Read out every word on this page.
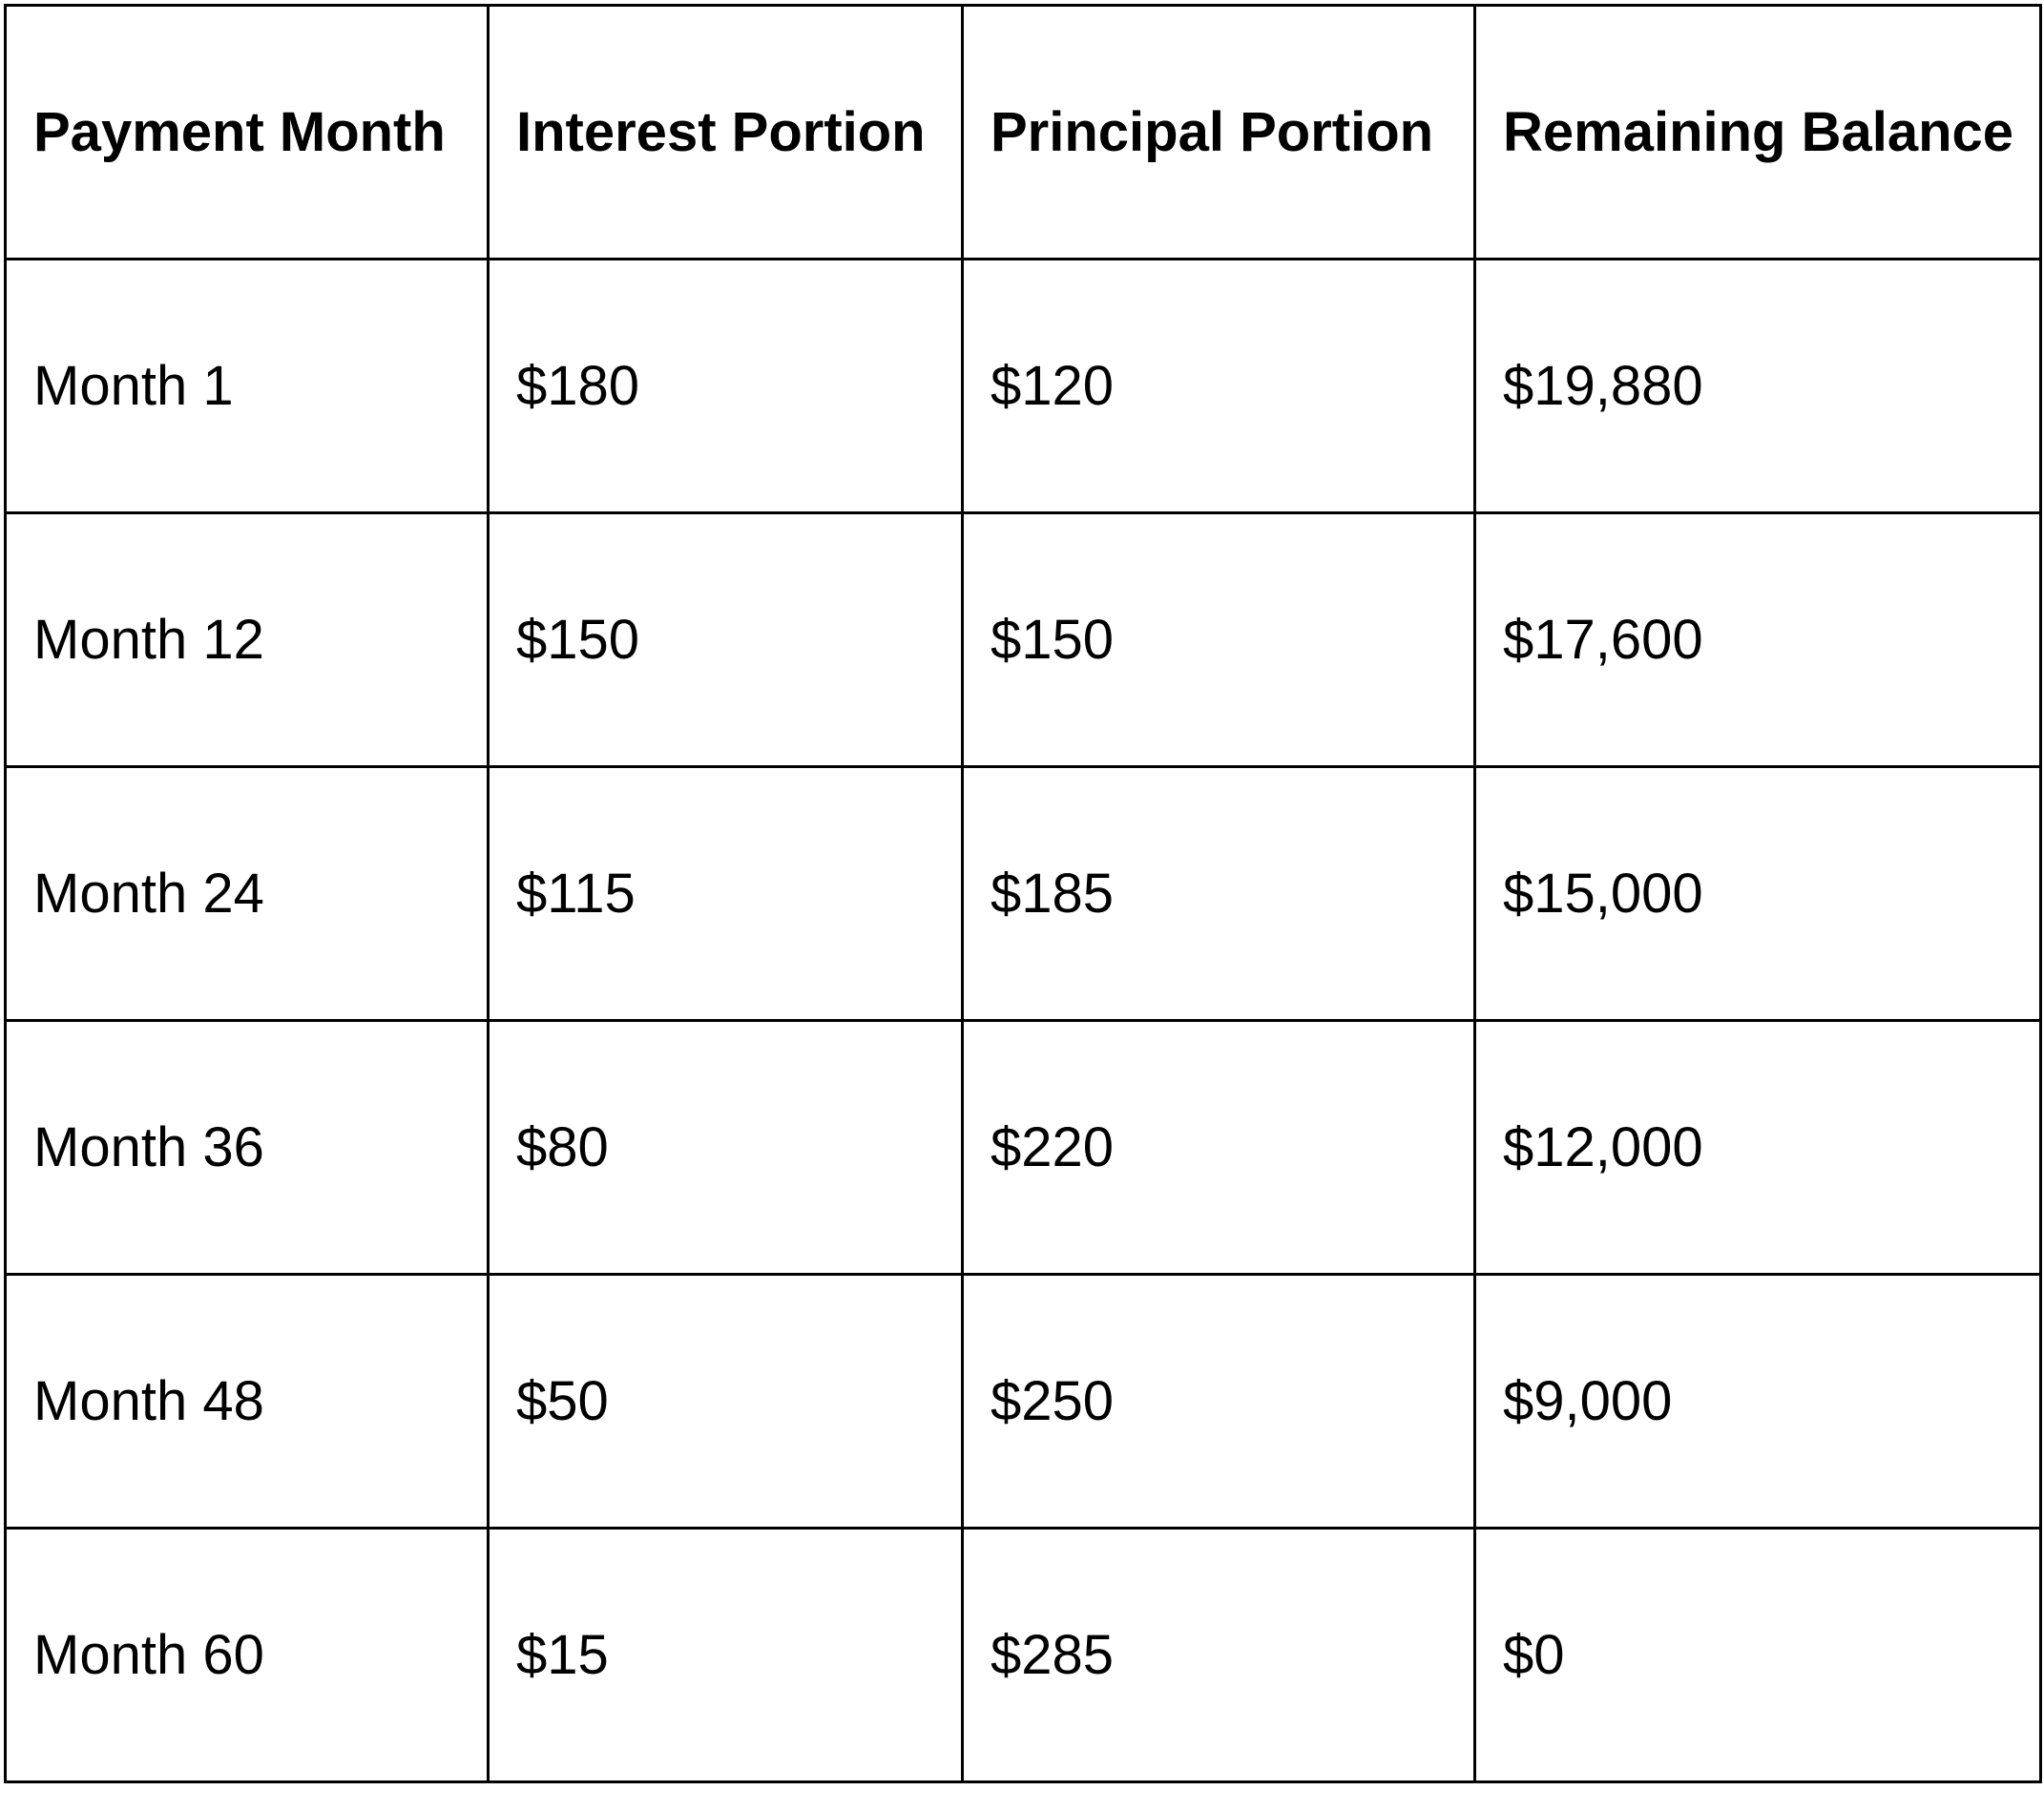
Payment Month	Interest Portion	Principal Portion	Remaining Balance
Month 1	$180	$120	$19,880
Month 12	$150	$150	$17,600
Month 24	$115	$185	$15,000
Month 36	$80	$220	$12,000
Month 48	$50	$250	$9,000
Month 60	$15	$285	$0
